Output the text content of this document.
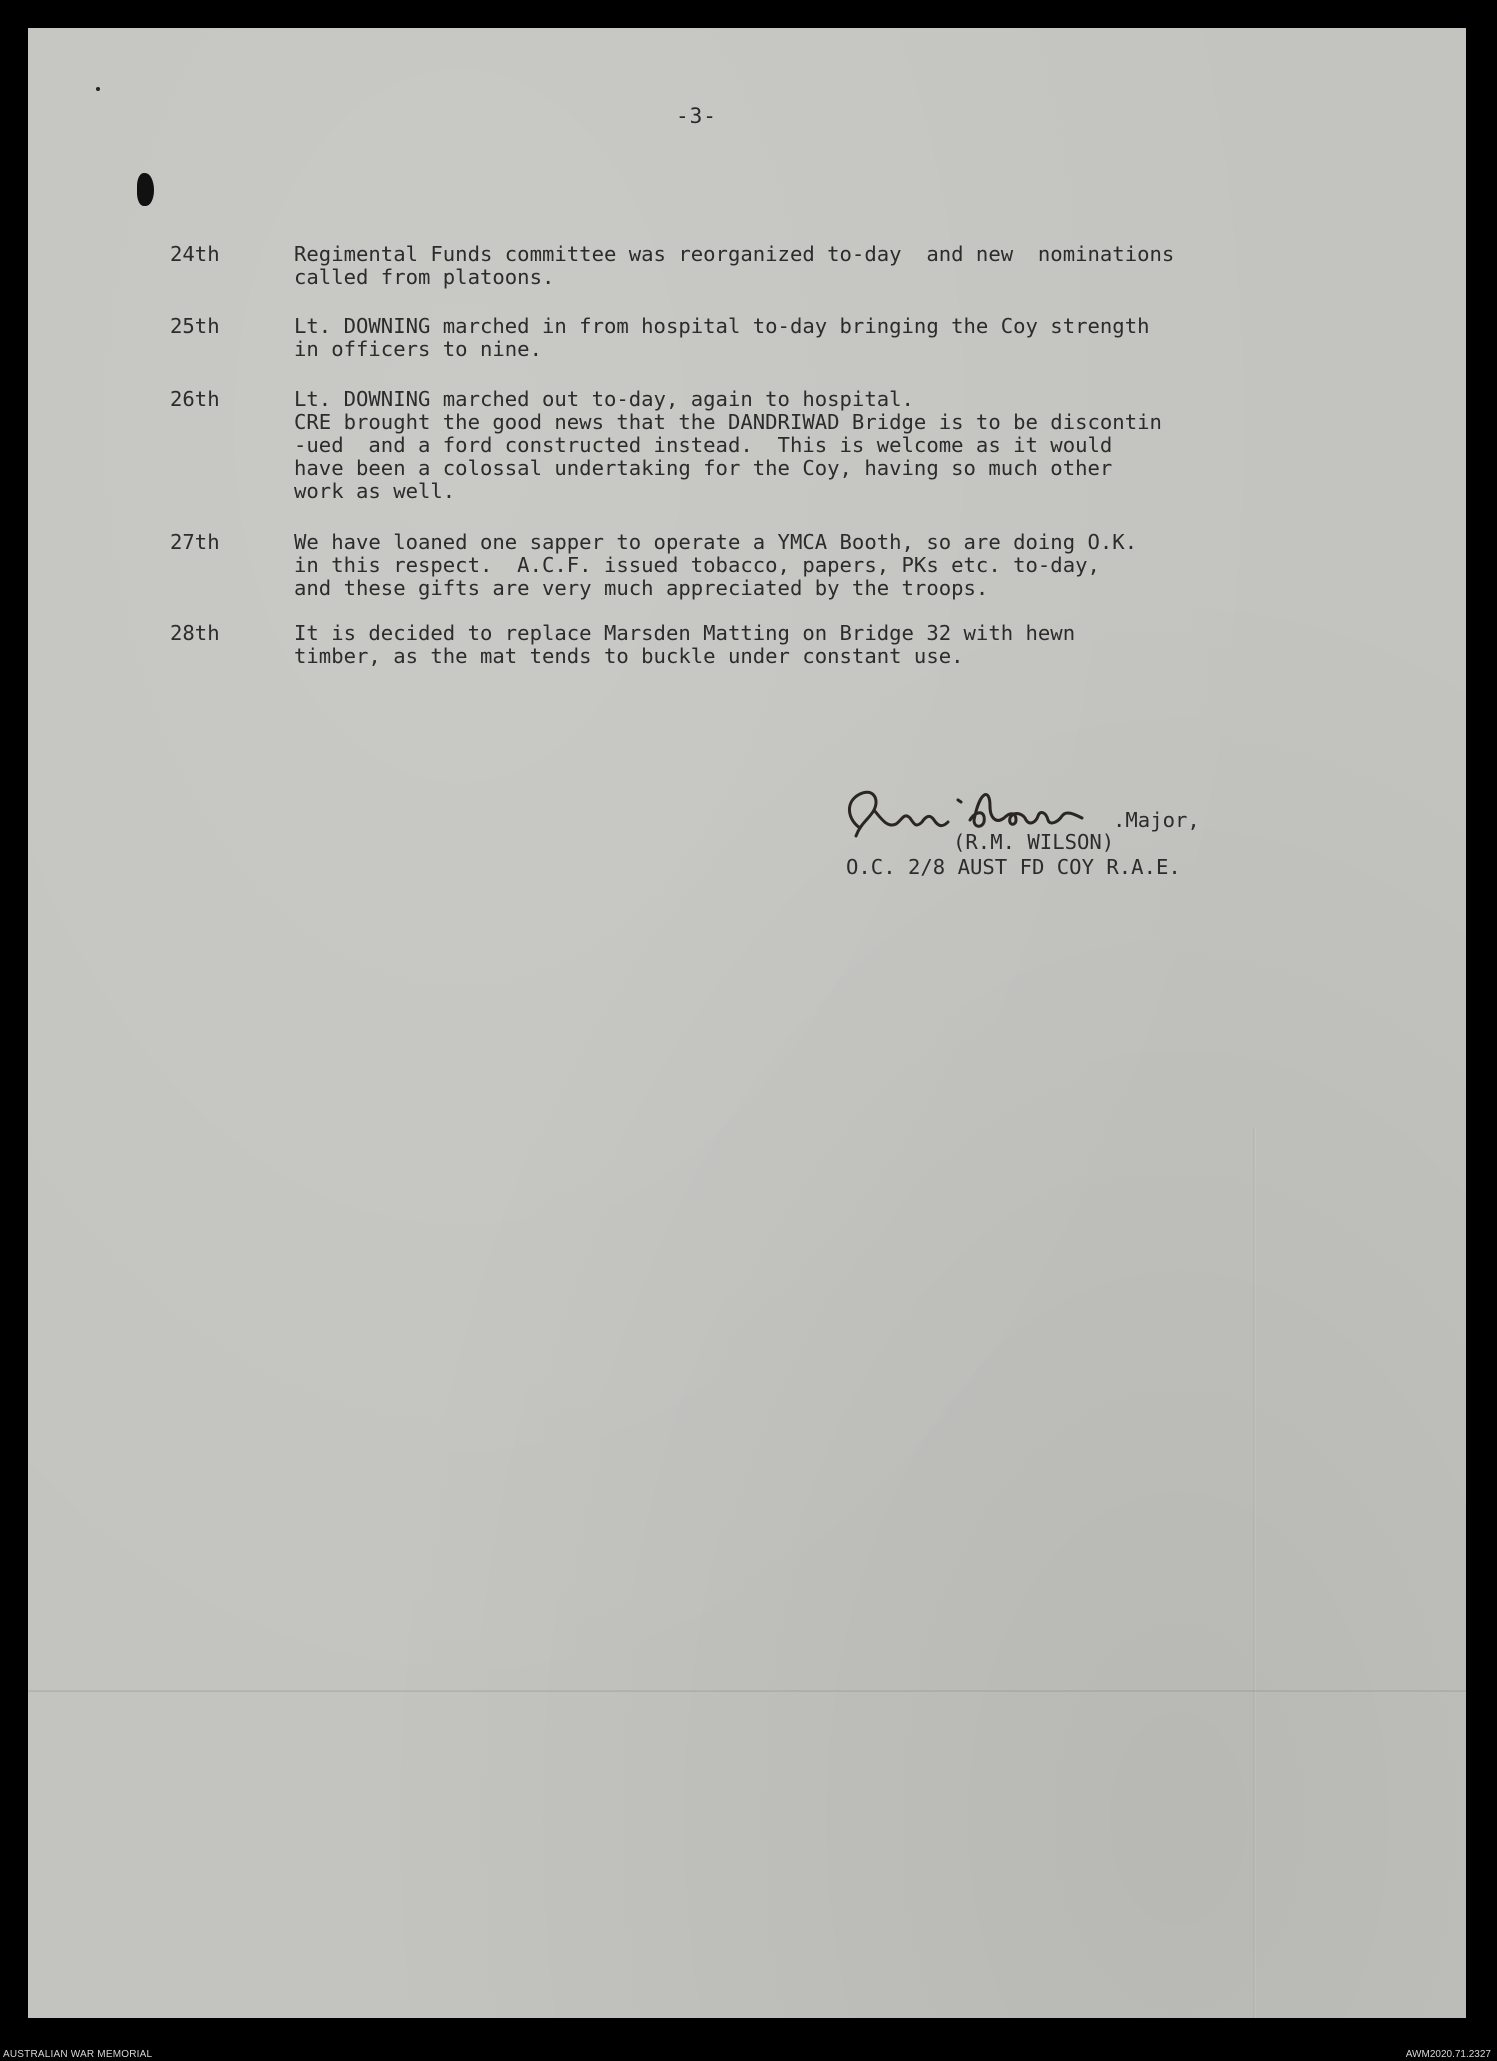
-3-
24th	Regimental Funds committee was reorganized to-day  and new  nominations
called from platoons.
25th	Lt. DOWNING marched in from hospital to-day bringing the Coy strength
in officers to nine.
26th	Lt. DOWNING marched out to-day, again to hospital.
CRE brought the good news that the DANDRIWAD Bridge is to be discontin
-ued  and a ford constructed instead.  This is welcome as it would
have been a colossal undertaking for the Coy, having so much other
work as well.
27th	We have loaned one sapper to operate a YMCA Booth, so are doing O.K.
in this respect.  A.C.F. issued tobacco, papers, PKs etc. to-day,
and these gifts are very much appreciated by the troops.
28th	It is decided to replace Marsden Matting on Bridge 32 with hewn
timber, as the mat tends to buckle under constant use.
.Major,
(R.M. WILSON)
O.C. 2/8 AUST FD COY R.A.E.
AUSTRALIAN WAR MEMORIAL	AWM2020.71.2327
